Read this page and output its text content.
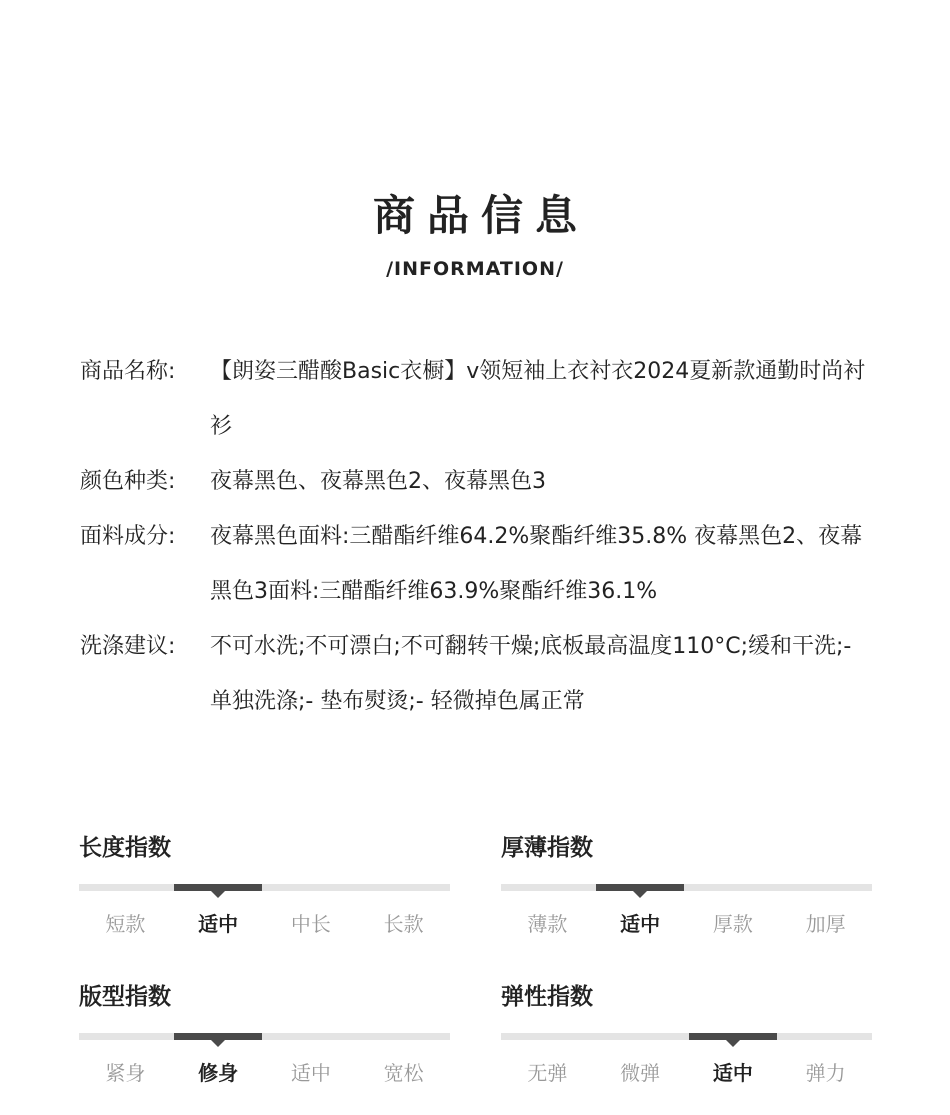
商品信息
/INFORMATION/
商品名称:	【朗姿三醋酸Basic衣橱】v领短袖上衣衬衣2024夏新款通勤时尚衬衫
颜色种类:	夜幕黑色、夜幕黑色2、夜幕黑色3
面料成分:	夜幕黑色面料:三醋酯纤维64.2%聚酯纤维35.8% 夜幕黑色2、夜幕黑色3面料:三醋酯纤维63.9%聚酯纤维36.1%
洗涤建议:	不可水洗;不可漂白;不可翻转干燥;底板最高温度110°C;缓和干洗;- 单独洗涤;- 垫布熨烫;- 轻微掉色属正常
长度指数
短款	适中	中长	长款
厚薄指数
薄款	适中	厚款	加厚
版型指数
紧身	修身	适中	宽松
弹性指数
无弹	微弹	适中	弹力
